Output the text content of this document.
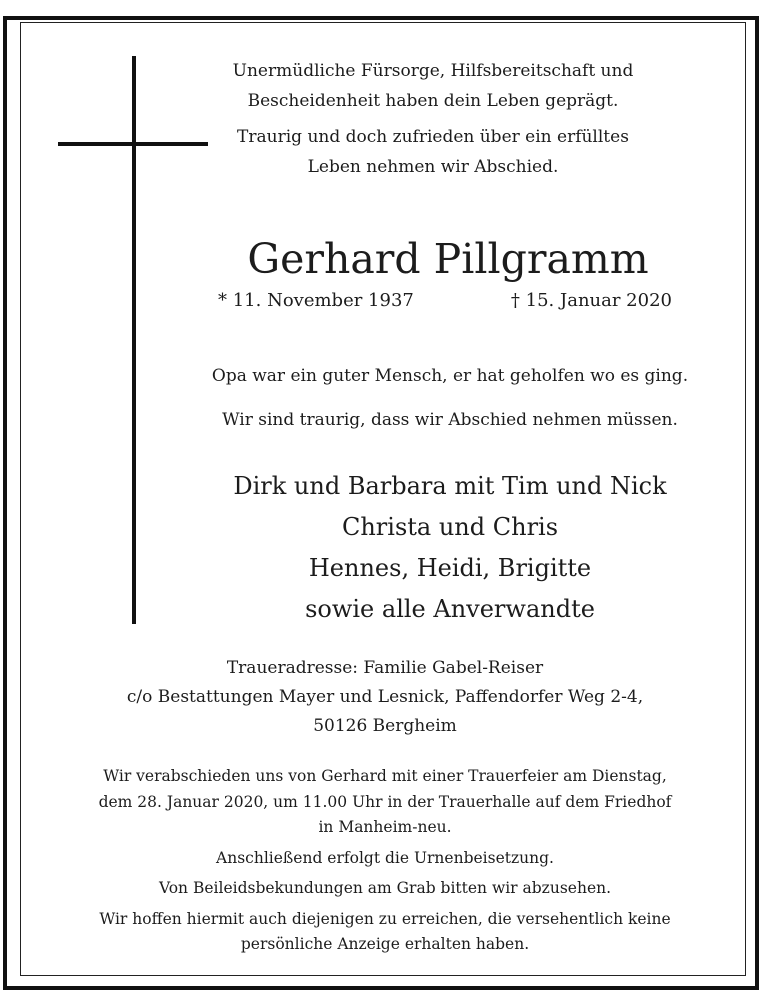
Unermüdliche Fürsorge, Hilfsbereitschaft und
Bescheidenheit haben dein Leben geprägt.

Traurig und doch zufrieden über ein erfülltes
Leben nehmen wir Abschied.

Gerhard Pillgramm
* 11. November 1937	† 15. Januar 2020

Opa war ein guter Mensch, er hat geholfen wo es ging.

Wir sind traurig, dass wir Abschied nehmen müssen.

Dirk und Barbara mit Tim und Nick
Christa und Chris
Hennes, Heidi, Brigitte
sowie alle Anverwandte
Traueradresse: Familie Gabel-Reiser
c/o Bestattungen Mayer und Lesnick, Paffendorfer Weg 2-4,
50126 Bergheim

Wir verabschieden uns von Gerhard mit einer Trauerfeier am Dienstag,
dem 28. Januar 2020, um 11.00 Uhr in der Trauerhalle auf dem Friedhof
in Manheim-neu.

Anschließend erfolgt die Urnenbeisetzung.

Von Beileidsbekundungen am Grab bitten wir abzusehen.

Wir hoffen hiermit auch diejenigen zu erreichen, die versehentlich keine
persönliche Anzeige erhalten haben.
